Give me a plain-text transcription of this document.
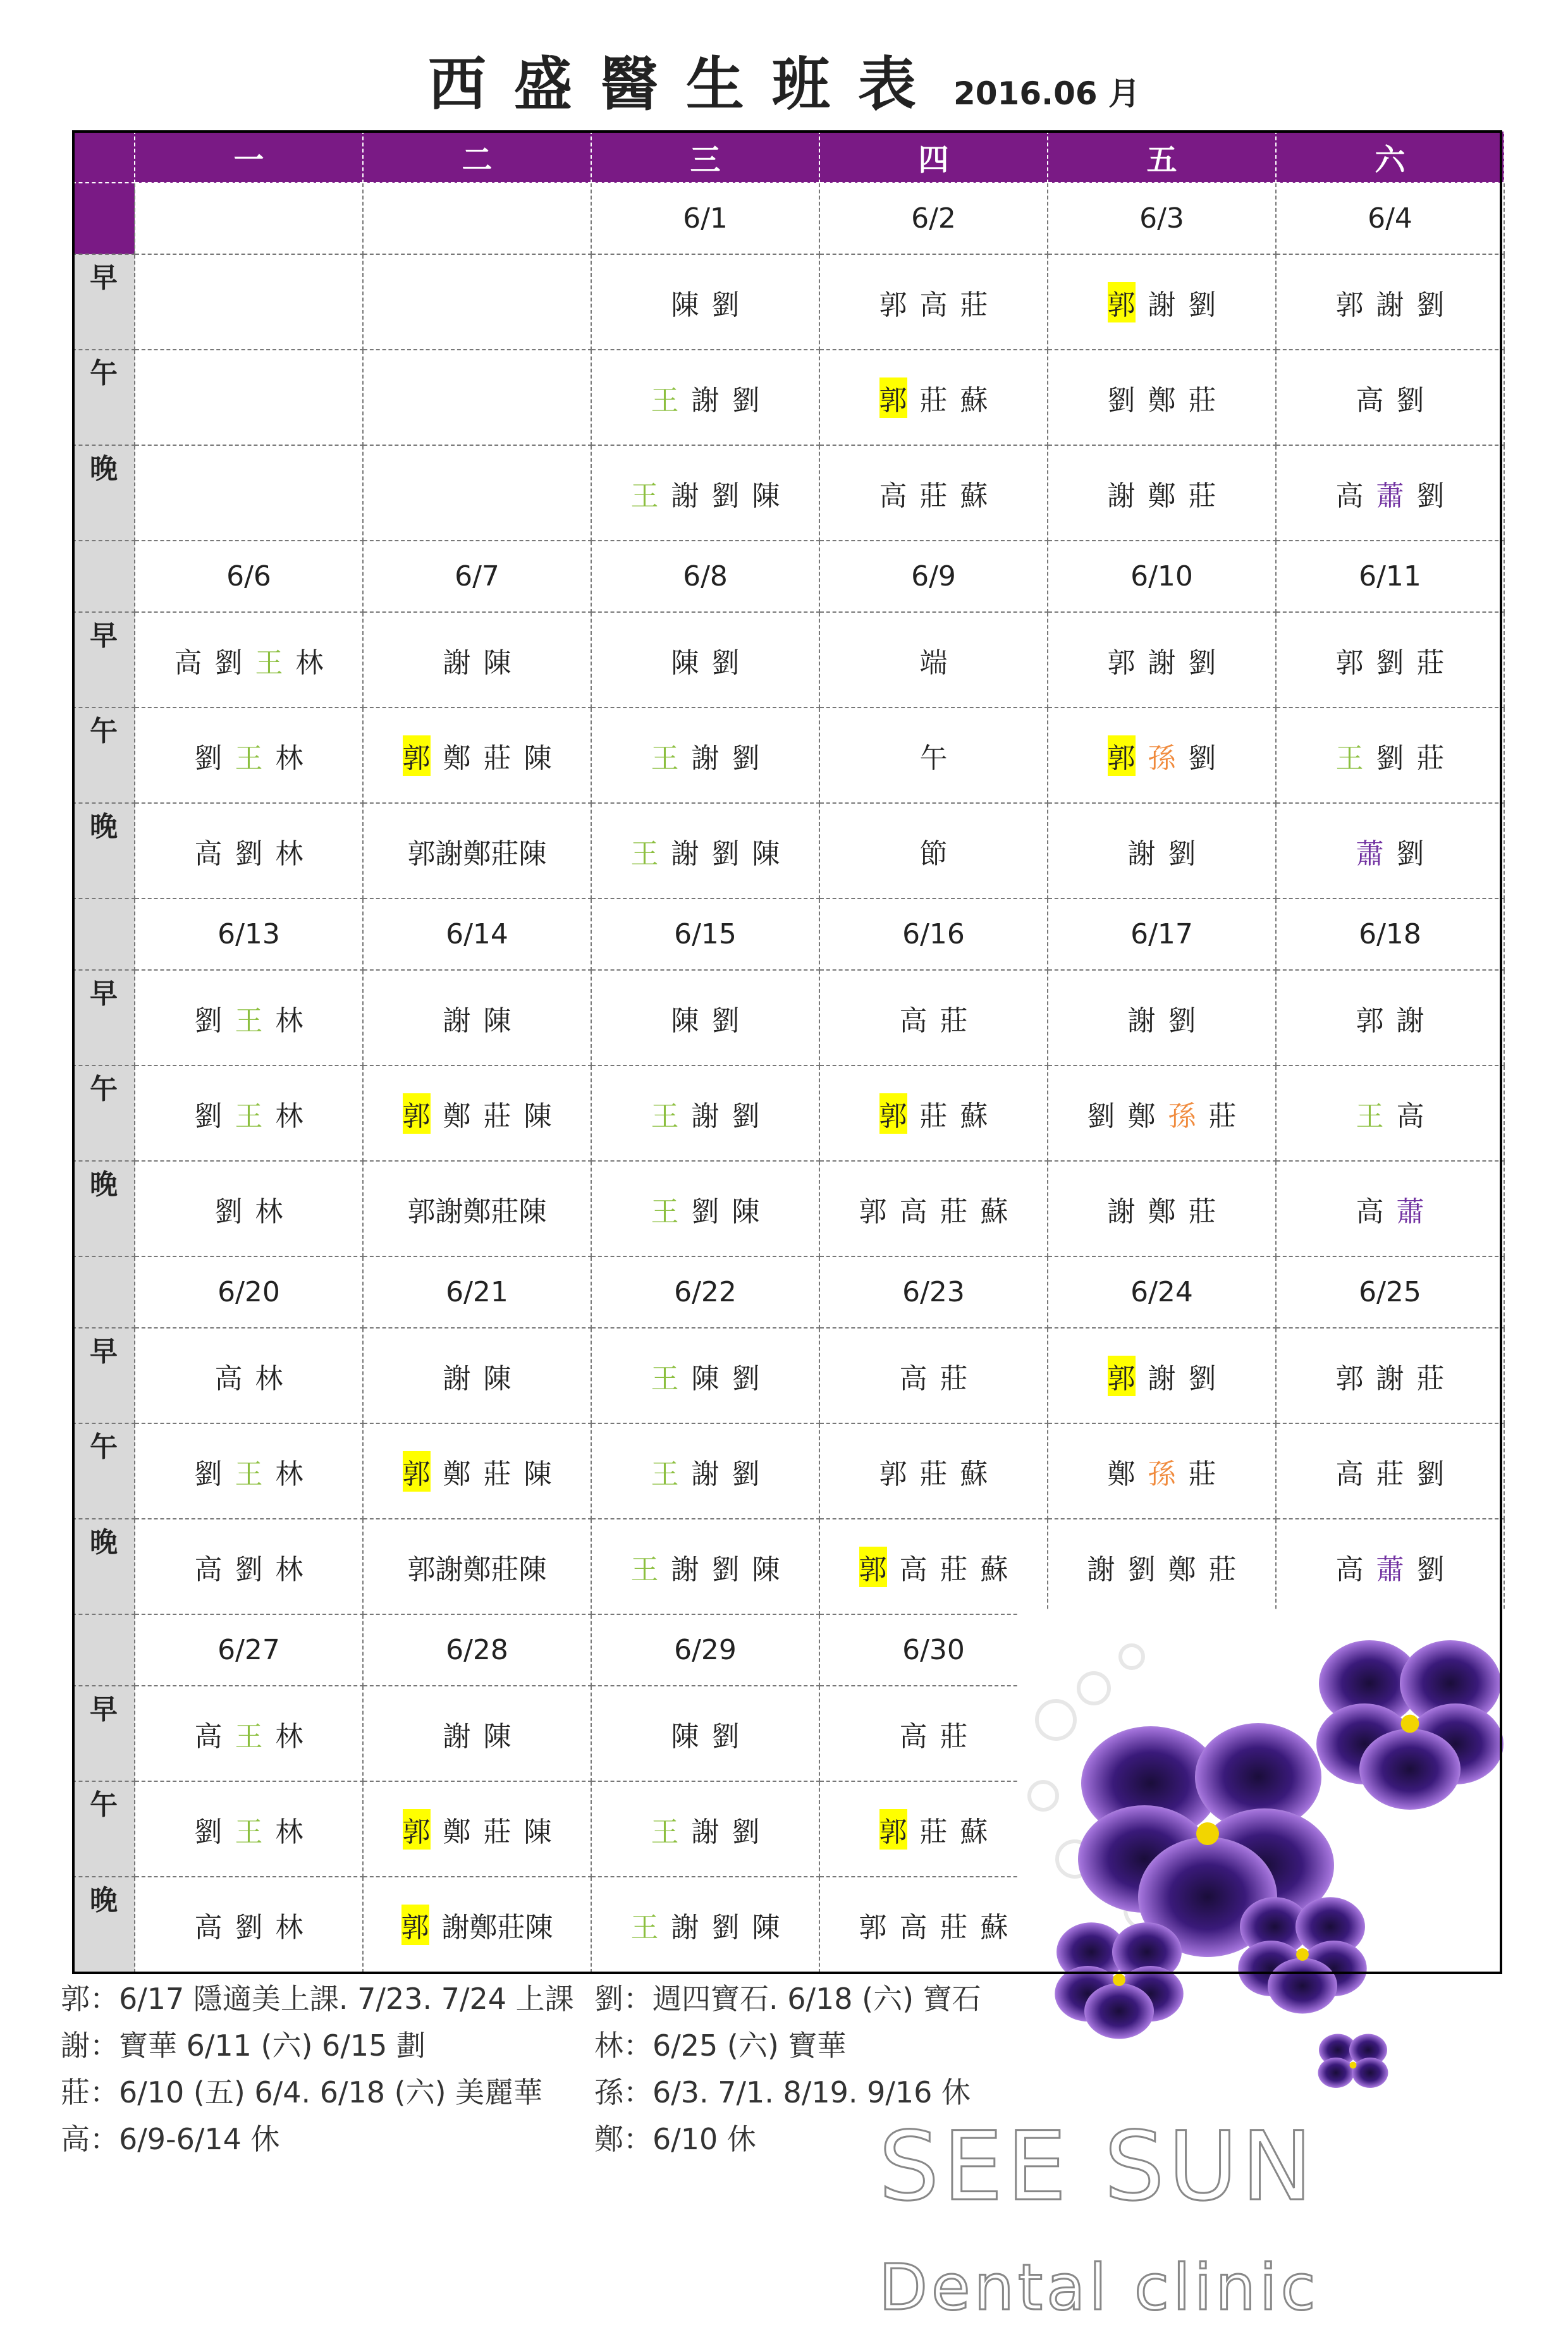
西盛醫生班表 2016.06 月
	一	二	三	四	五	六
			6/1	6/2	6/3	6/4
早			陳 劉	郭 高 莊	郭 謝 劉	郭 謝 劉
午			王 謝 劉	郭 莊 蘇	劉 鄭 莊	高 劉
晚			王 謝 劉 陳	高 莊 蘇	謝 鄭 莊	高 蕭 劉
	6/6	6/7	6/8	6/9	6/10	6/11
早	高 劉 王 林	謝 陳	陳 劉	端	郭 謝 劉	郭 劉 莊
午	劉 王 林	郭 鄭 莊 陳	王 謝 劉	午	郭 孫 劉	王 劉 莊
晚	高 劉 林	郭謝鄭莊陳	王 謝 劉 陳	節	謝 劉	蕭 劉
	6/13	6/14	6/15	6/16	6/17	6/18
早	劉 王 林	謝 陳	陳 劉	高 莊	謝 劉	郭 謝
午	劉 王 林	郭 鄭 莊 陳	王 謝 劉	郭 莊 蘇	劉 鄭 孫 莊	王 高
晚	劉 林	郭謝鄭莊陳	王 劉 陳	郭 高 莊 蘇	謝 鄭 莊	高 蕭
	6/20	6/21	6/22	6/23	6/24	6/25
早	高 林	謝 陳	王 陳 劉	高 莊	郭 謝 劉	郭 謝 莊
午	劉 王 林	郭 鄭 莊 陳	王 謝 劉	郭 莊 蘇	鄭 孫 莊	高 莊 劉
晚	高 劉 林	郭謝鄭莊陳	王 謝 劉 陳	郭 高 莊 蘇	謝 劉 鄭 莊	高 蕭 劉
	6/27	6/28	6/29	6/30		
早	高 王 林	謝 陳	陳 劉	高 莊		
午	劉 王 林	郭 鄭 莊 陳	王 謝 劉	郭 莊 蘇		
晚	高 劉 林	郭 謝鄭莊陳	王 謝 劉 陳	郭 高 莊 蘇		
郭：6/17 隱適美上課. 7/23. 7/24 上課
謝：寶華 6/11 (六) 6/15 劃
莊：6/10 (五) 6/4. 6/18 (六) 美麗華
高：6/9-6/14 休
劉：週四寶石. 6/18 (六) 寶石
林：6/25 (六) 寶華
孫：6/3. 7/1. 8/19. 9/16 休
鄭：6/10 休	SEE SUN Dental clinic
